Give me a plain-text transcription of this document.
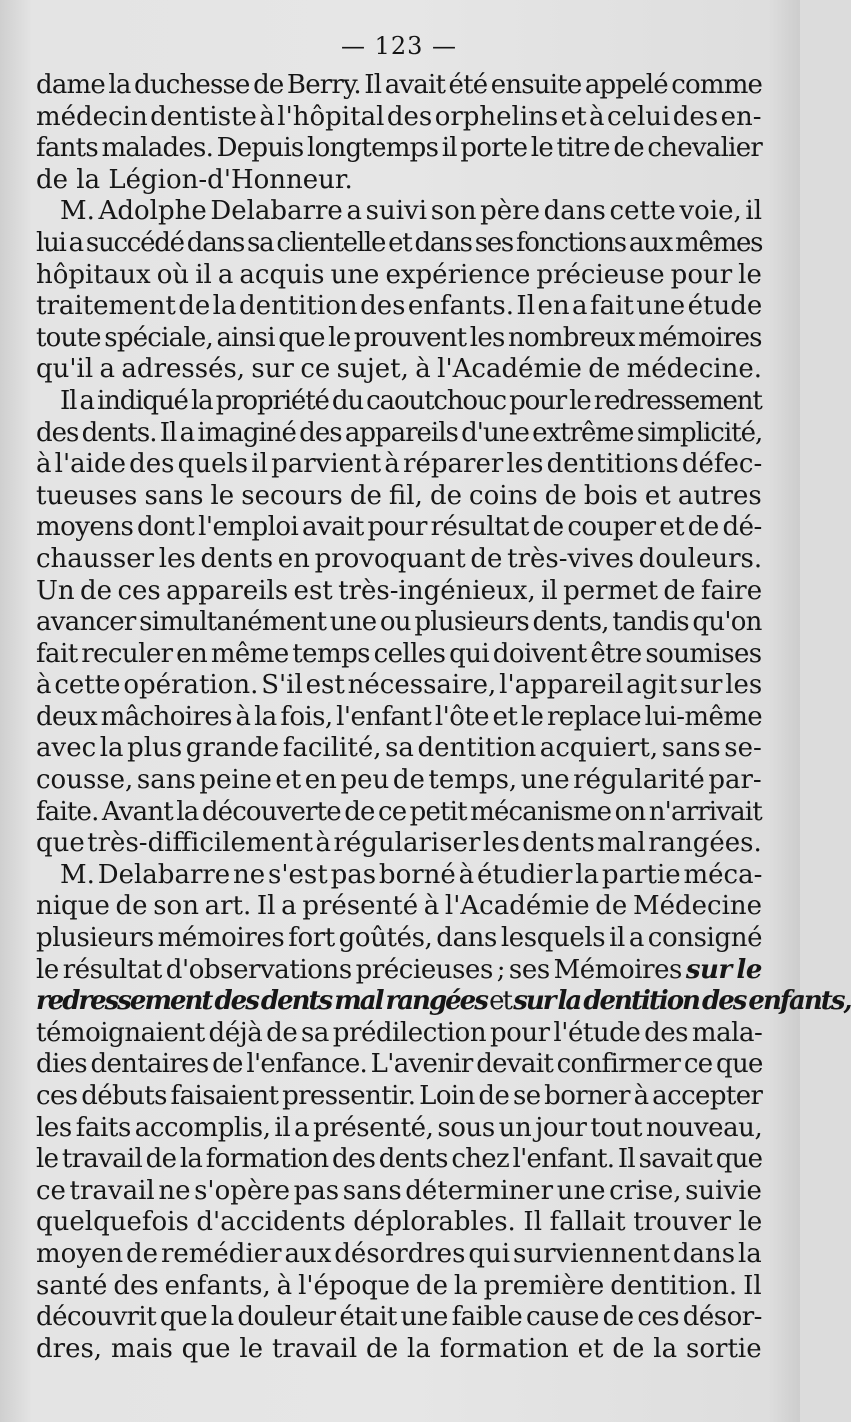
— 123 —

dame la duchesse de Berry. Il avait été ensuite appelé comme
médecin dentiste à l'hôpital des orphelins et à celui des en-
fants malades. Depuis longtemps il porte le titre de chevalier
de la Légion-d'Honneur.

M. Adolphe Delabarre a suivi son père dans cette voie, il
lui a succédé dans sa clientelle et dans ses fonctions aux mêmes
hôpitaux où il a acquis une expérience précieuse pour le
traitement de la dentition des enfants. Il en a fait une étude
toute spéciale, ainsi que le prouvent les nombreux mémoires
qu'il a adressés, sur ce sujet, à l'Académie de médecine.

Il a indiqué la propriété du caoutchouc pour le redressement
des dents. Il a imaginé des appareils d'une extrême simplicité,
à l'aide des quels il parvient à réparer les dentitions défec-
tueuses sans le secours de fil, de coins de bois et autres
moyens dont l'emploi avait pour résultat de couper et de dé-
chausser les dents en provoquant de très-vives douleurs.
Un de ces appareils est très-ingénieux, il permet de faire
avancer simultanément une ou plusieurs dents, tandis qu'on
fait reculer en même temps celles qui doivent être soumises
à cette opération. S'il est nécessaire, l'appareil agit sur les
deux mâchoires à la fois, l'enfant l'ôte et le replace lui-même
avec la plus grande facilité, sa dentition acquiert, sans se-
cousse, sans peine et en peu de temps, une régularité par-
faite. Avant la découverte de ce petit mécanisme on n'arrivait
que très-difficilement à régulariser les dents mal rangées.

M. Delabarre ne s'est pas borné à étudier la partie méca-
nique de son art. Il a présenté à l'Académie de Médecine
plusieurs mémoires fort goûtés, dans lesquels il a consigné
le résultat d'observations précieuses ; ses Mémoires sur le
redressement des dents mal rangées et sur la dentition des enfants,
témoignaient déjà de sa prédilection pour l'étude des mala-
dies dentaires de l'enfance. L'avenir devait confirmer ce que
ces débuts faisaient pressentir. Loin de se borner à accepter
les faits accomplis, il a présenté, sous un jour tout nouveau,
le travail de la formation des dents chez l'enfant. Il savait que
ce travail ne s'opère pas sans déterminer une crise, suivie
quelquefois d'accidents déplorables. Il fallait trouver le
moyen de remédier aux désordres qui surviennent dans la
santé des enfants, à l'époque de la première dentition. Il
découvrit que la douleur était une faible cause de ces désor-
dres, mais que le travail de la formation et de la sortie
